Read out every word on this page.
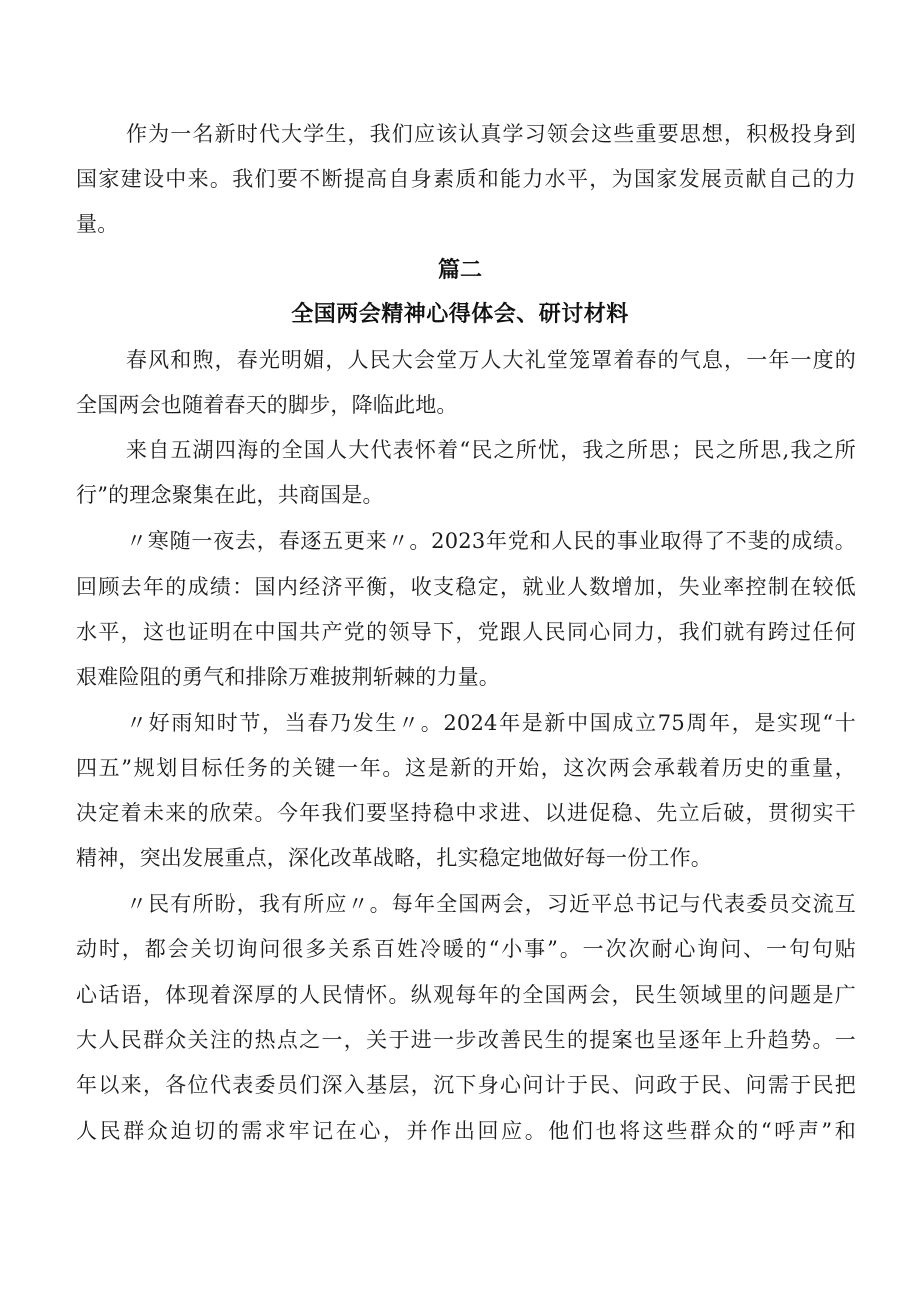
作为一名新时代大学生，我们应该认真学习领会这些重要思想，积极投身到
国家建设中来。我们要不断提高自身素质和能力水平，为国家发展贡献自己的力
量。
篇二
全国两会精神心得体会、研讨材料
春风和煦，春光明媚，人民大会堂万人大礼堂笼罩着春的气息，一年一度的
全国两会也随着春天的脚步，降临此地。
来自五湖四海的全国人大代表怀着“民之所忧，我之所思；民之所思,我之所
行”的理念聚集在此，共商国是。
〃寒随一夜去，春逐五更来〃。2023年党和人民的事业取得了不斐的成绩。
回顾去年的成绩：国内经济平衡，收支稳定，就业人数增加，失业率控制在较低
水平，这也证明在中国共产党的领导下，党跟人民同心同力，我们就有跨过任何
艰难险阻的勇气和排除万难披荆斩棘的力量。
〃好雨知时节，当春乃发生〃。2024年是新中国成立75周年，是实现“十
四五”规划目标任务的关键一年。这是新的开始，这次两会承载着历史的重量，
决定着未来的欣荣。今年我们要坚持稳中求进、以进促稳、先立后破，贯彻实干
精神，突出发展重点，深化改革战略，扎实稳定地做好每一份工作。
〃民有所盼，我有所应〃。每年全国两会，习近平总书记与代表委员交流互
动时，都会关切询问很多关系百姓冷暖的“小事”。一次次耐心询问、一句句贴
心话语，体现着深厚的人民情怀。纵观每年的全国两会，民生领域里的问题是广
大人民群众关注的热点之一，关于进一步改善民生的提案也呈逐年上升趋势。一
年以来，各位代表委员们深入基层，沉下身心问计于民、问政于民、问需于民把
人民群众迫切的需求牢记在心，并作出回应。他们也将这些群众的“呼声”和
